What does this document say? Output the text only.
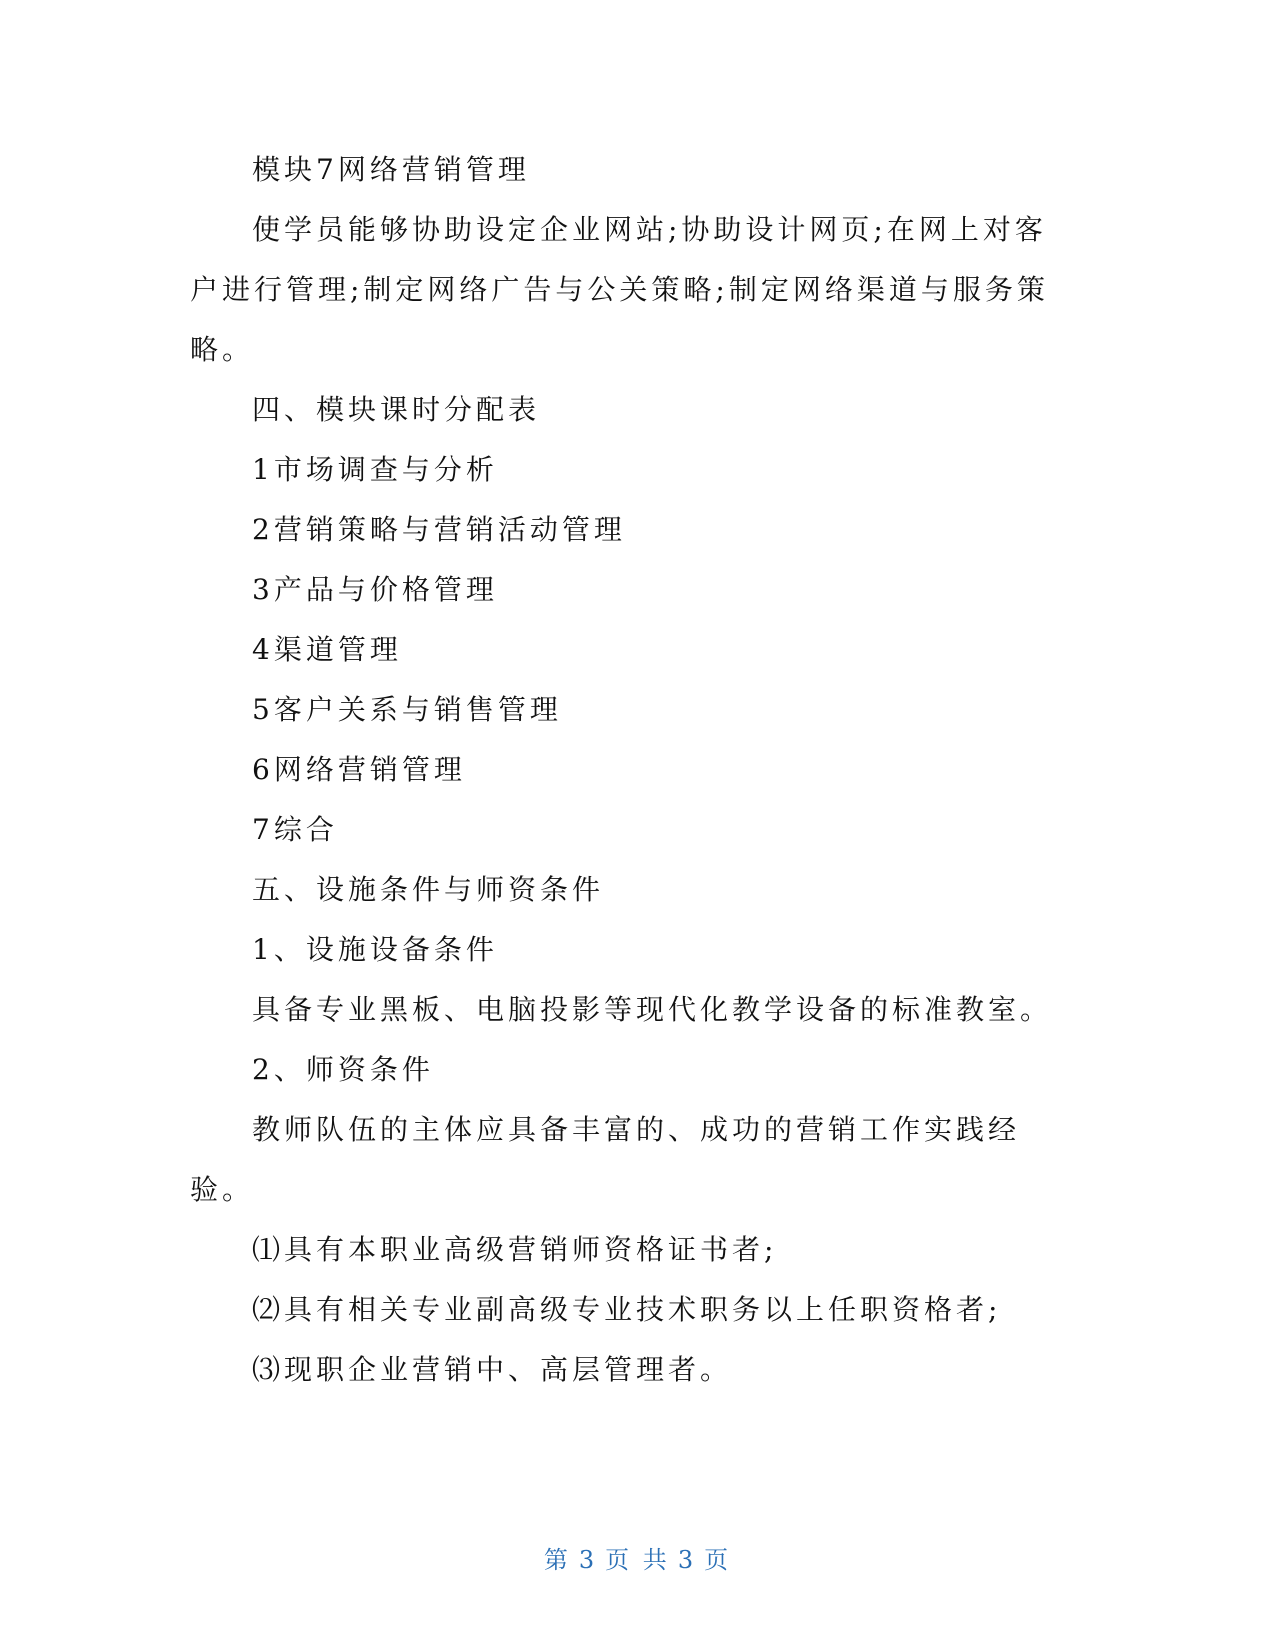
模块7网络营销管理

使学员能够协助设定企业网站;协助设计网页;在网上对客户进行管理;制定网络广告与公关策略;制定网络渠道与服务策略。

四、模块课时分配表

1市场调查与分析

2营销策略与营销活动管理

3产品与价格管理

4渠道管理

5客户关系与销售管理

6网络营销管理

7综合

五、设施条件与师资条件

1、设施设备条件

具备专业黑板、电脑投影等现代化教学设备的标准教室。

2、师资条件

教师队伍的主体应具备丰富的、成功的营销工作实践经验。

⑴具有本职业高级营销师资格证书者;

⑵具有相关专业副高级专业技术职务以上任职资格者;

⑶现职企业营销中、高层管理者。

第 3 页 共 3 页
